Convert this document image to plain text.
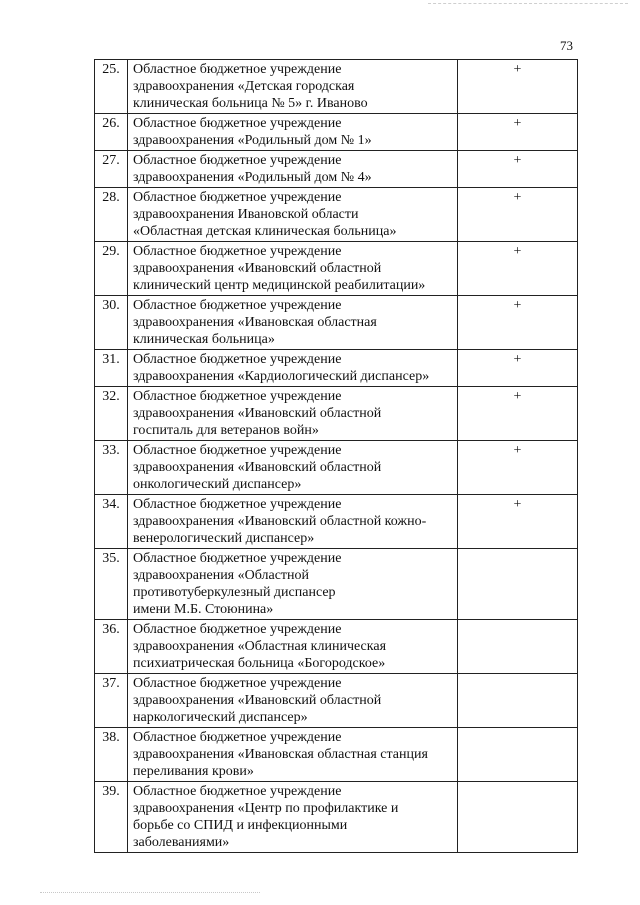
73
25.	Областное бюджетное учреждение
здравоохранения «Детская городская
клиническая больница № 5» г. Иваново	+
26.	Областное бюджетное учреждение
здравоохранения «Родильный дом № 1»	+
27.	Областное бюджетное учреждение
здравоохранения «Родильный дом № 4»	+
28.	Областное бюджетное учреждение
здравоохранения Ивановской области
«Областная детская клиническая больница»	+
29.	Областное бюджетное учреждение
здравоохранения «Ивановский областной
клинический центр медицинской реабилитации»	+
30.	Областное бюджетное учреждение
здравоохранения «Ивановская областная
клиническая больница»	+
31.	Областное бюджетное учреждение
здравоохранения «Кардиологический диспансер»	+
32.	Областное бюджетное учреждение
здравоохранения «Ивановский областной
госпиталь для ветеранов войн»	+
33.	Областное бюджетное учреждение
здравоохранения «Ивановский областной
онкологический диспансер»	+
34.	Областное бюджетное учреждение
здравоохранения «Ивановский областной кожно-
венерологический диспансер»	+
35.	Областное бюджетное учреждение
здравоохранения «Областной
противотуберкулезный диспансер
имени М.Б. Стоюнина»	
36.	Областное бюджетное учреждение
здравоохранения «Областная клиническая
психиатрическая больница «Богородское»	
37.	Областное бюджетное учреждение
здравоохранения «Ивановский областной
наркологический диспансер»	
38.	Областное бюджетное учреждение
здравоохранения «Ивановская областная станция
переливания крови»	
39.	Областное бюджетное учреждение
здравоохранения «Центр по профилактике и
борьбе со СПИД и инфекционными
заболеваниями»	
